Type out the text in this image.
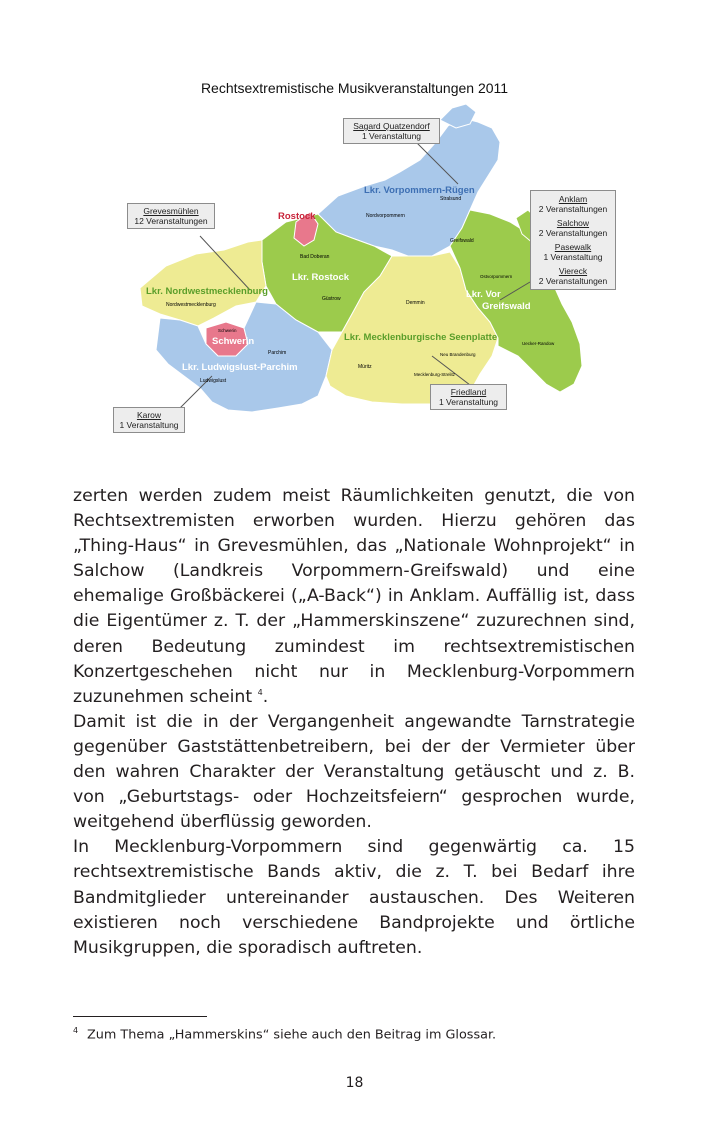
Rechtsextremistische Musikveranstaltungen 2011
Lkr. Vorpommern-Rügen
Rostock
Lkr. Rostock
Lkr. Nordwestmecklenburg
Schwerin
Lkr. Ludwigslust-Parchim
Lkr. Mecklenburgische Seenplatte
Lkr. Vor
Greifswald
Nordvorpommern
Stralsund
Greifswald
Bad Doberan
Güstrow
Nordwestmecklenburg
Schwerin
Parchim
Ludwigslust
Müritz
Demmin
Neu Brandenburg
Mecklenburg-Strelitz
Ostvorpommern
Uecker-Randow
Sagard Quatzendorf
1 Veranstaltung
Grevesmühlen
12 Veranstaltungen
Karow
1 Veranstaltung
Friedland
1 Veranstaltung
Anklam
2 Veranstaltungen
Salchow
2 Veranstaltungen
Pasewalk
1 Veranstaltung
Viereck
2 Veranstaltungen

zerten werden zudem meist Räumlichkeiten genutzt, die von Rechtsextremisten erworben wurden. Hierzu gehören das „Thing-Haus“ in Grevesmühlen, das „Nationale Wohnprojekt“ in Salchow (Landkreis Vorpommern-Greifswald) und eine ehemalige Großbäckerei („A-Back“) in Anklam. Auffällig ist, dass die Eigentümer z. T. der „Hammerskinszene“ zuzurechnen sind, deren Bedeutung zumindest im rechtsextremistischen Konzertgeschehen nicht nur in Mecklenburg-Vorpommern zuzunehmen scheint $^4$.

Damit ist die in der Vergangenheit angewandte Tarnstrategie gegenüber Gaststättenbetreibern, bei der der Vermieter über den wahren Charakter der Veranstaltung getäuscht und z. B. von „Geburtstags- oder Hochzeitsfeiern“ gesprochen wurde, weitgehend überflüssig geworden.

In Mecklenburg-Vorpommern sind gegenwärtig ca. 15 rechtsextremistische Bands aktiv, die z. T. bei Bedarf ihre Bandmitglieder untereinander austauschen. Des Weiteren existieren noch verschiedene Bandprojekte und örtliche Musikgruppen, die sporadisch auftreten.

4 Zum Thema „Hammerskins“ siehe auch den Beitrag im Glossar.
18
